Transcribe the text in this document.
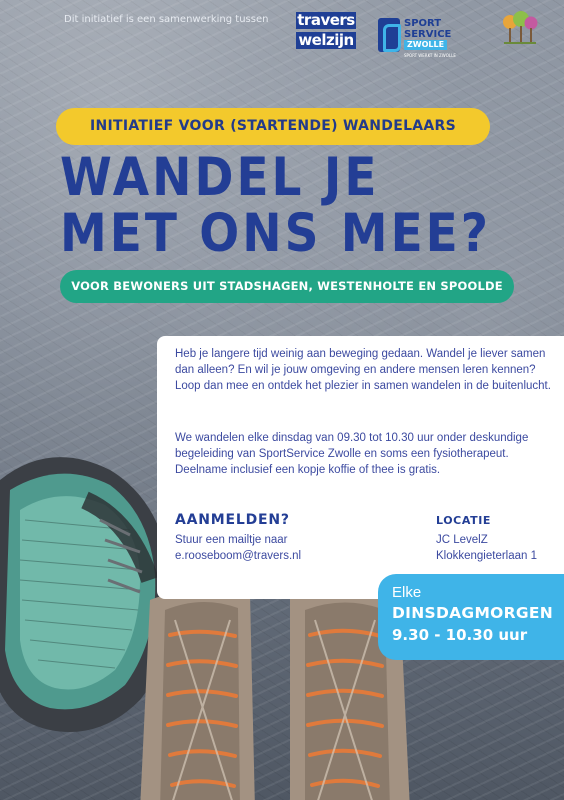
Dit initiatief is een samenwerking tussen travers
welzijn
SPORT
SERVICE
ZWOLLE
SPORT WERKT IN ZWOLLE
INITIATIEF VOOR (STARTENDE) WANDELAARS
WANDEL JE
MET ONS MEE?
VOOR BEWONERS UIT STADSHAGEN, WESTENHOLTE EN SPOOLDE

Heb je langere tijd weinig aan beweging gedaan. Wandel je liever samen dan alleen? En wil je jouw omgeving en andere mensen leren kennen? Loop dan mee en ontdek het plezier in samen wandelen in de buitenlucht.

We wandelen elke dinsdag van 09.30 tot 10.30 uur onder deskundige begeleiding van SportService Zwolle en soms een fysiotherapeut. Deelname inclusief een kopje koffie of thee is gratis.

AANMELDEN?
Stuur een mailtje naar
e.rooseboom@travers.nl
LOCATIE
JC LevelZ
Klokkengieterlaan 1
Elke
DINSDAGMORGEN
9.30 - 10.30 uur
